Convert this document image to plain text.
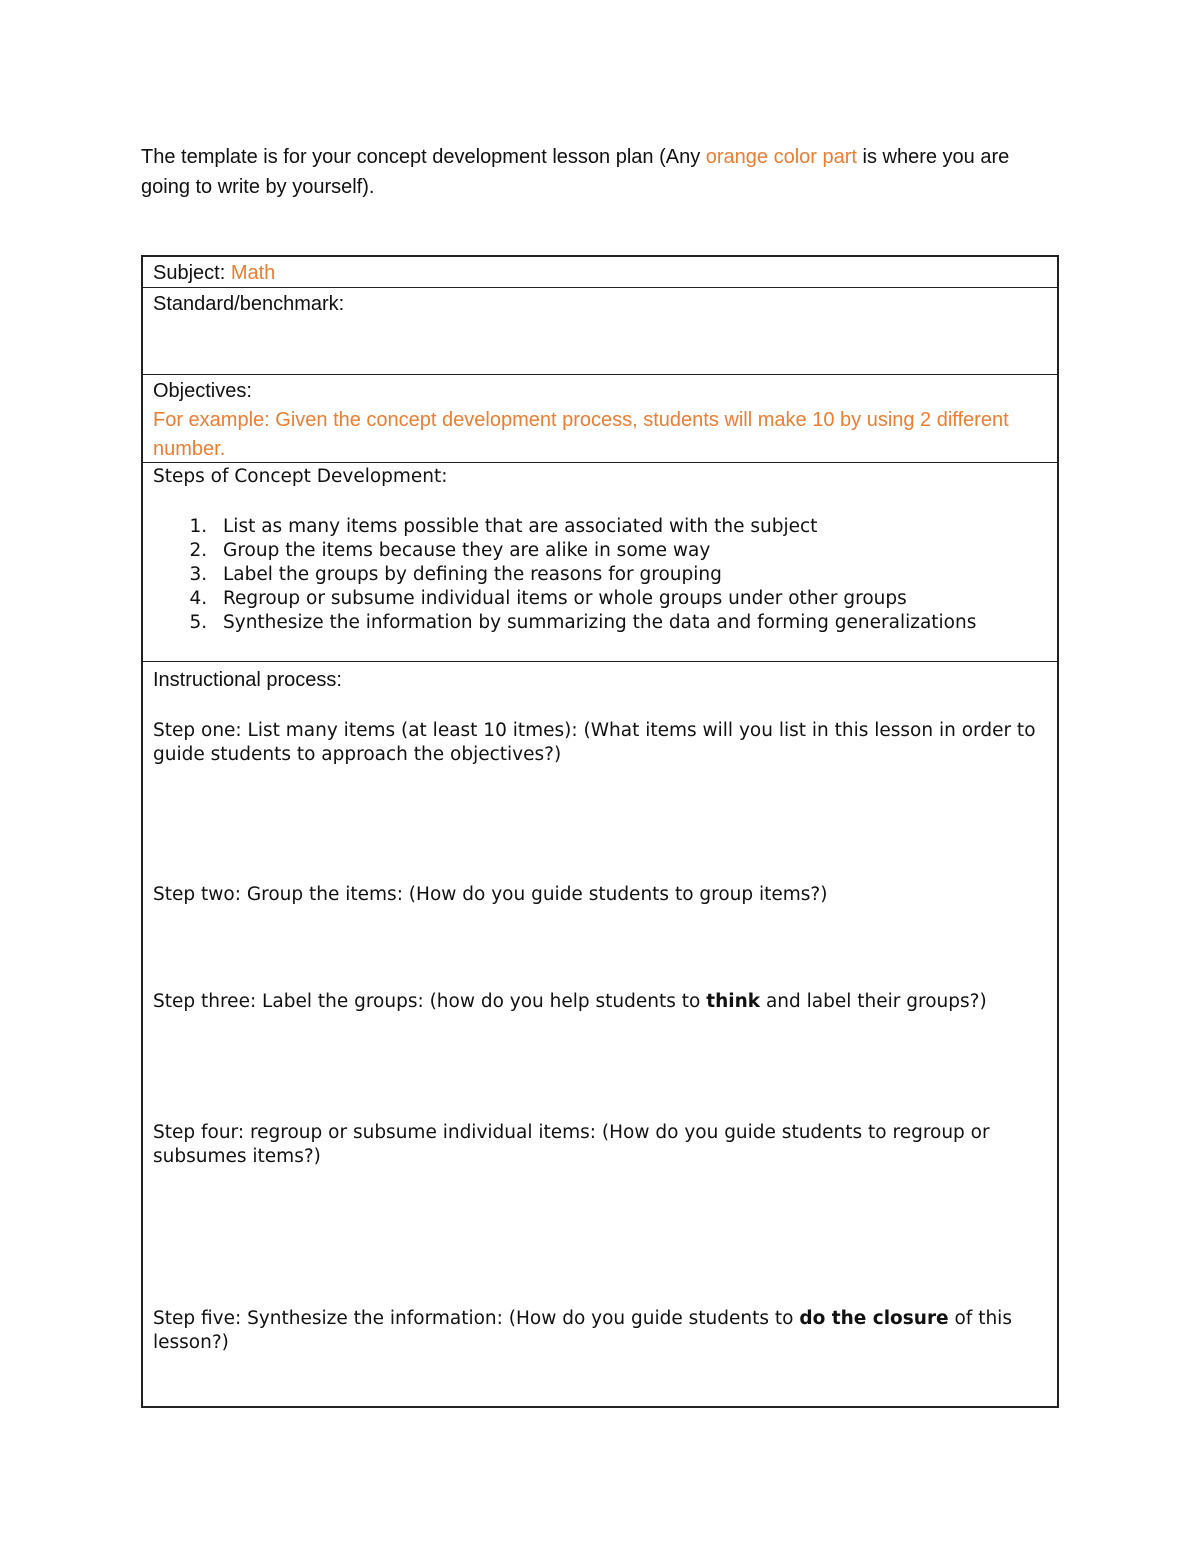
The template is for your concept development lesson plan (Any orange color part is where you are going to write by yourself).
Subject: Math
Standard/benchmark:
Objectives:
For example: Given the concept development process, students will make 10 by using 2 different number.
Steps of Concept Development:
1. List as many items possible that are associated with the subject
2. Group the items because they are alike in some way
3. Label the groups by defining the reasons for grouping
4. Regroup or subsume individual items or whole groups under other groups
5. Synthesize the information by summarizing the data and forming generalizations
Instructional process:
Step one: List many items (at least 10 itmes): (What items will you list in this lesson in order to guide students to approach the objectives?)
Step two: Group the items: (How do you guide students to group items?)
Step three: Label the groups: (how do you help students to think and label their groups?)
Step four: regroup or subsume individual items: (How do you guide students to regroup or subsumes items?)
Step five: Synthesize the information: (How do you guide students to do the closure of this lesson?)
